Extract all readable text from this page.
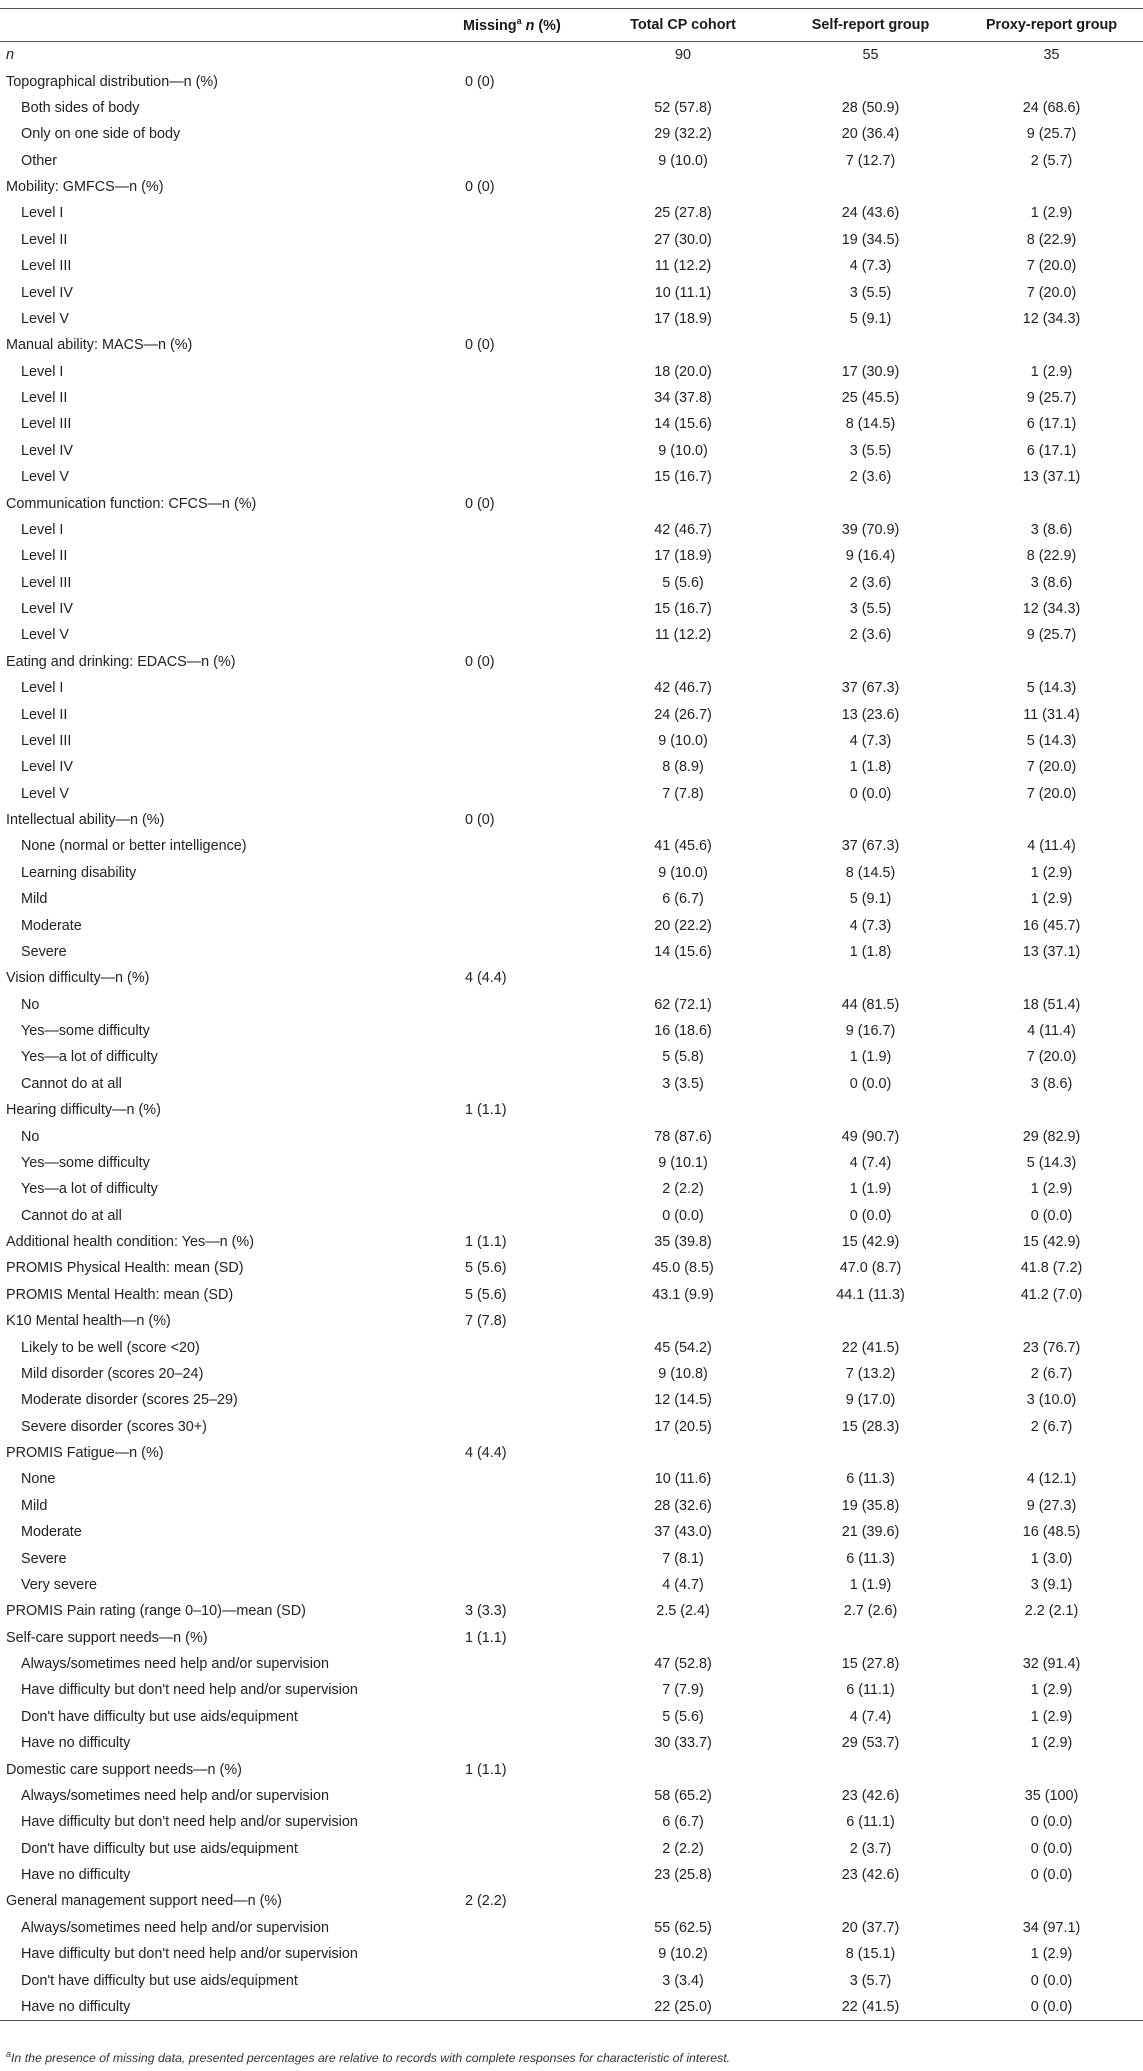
	Missing$^a$ n (%)	Total CP cohort	Self-report group	Proxy-report group
n		90	55	35
Topographical distribution—n (%)	0 (0)			
Both sides of body		52 (57.8)	28 (50.9)	24 (68.6)
Only on one side of body		29 (32.2)	20 (36.4)	9 (25.7)
Other		9 (10.0)	7 (12.7)	2 (5.7)
Mobility: GMFCS—n (%)	0 (0)			
Level I		25 (27.8)	24 (43.6)	1 (2.9)
Level II		27 (30.0)	19 (34.5)	8 (22.9)
Level III		11 (12.2)	4 (7.3)	7 (20.0)
Level IV		10 (11.1)	3 (5.5)	7 (20.0)
Level V		17 (18.9)	5 (9.1)	12 (34.3)
Manual ability: MACS—n (%)	0 (0)			
Level I		18 (20.0)	17 (30.9)	1 (2.9)
Level II		34 (37.8)	25 (45.5)	9 (25.7)
Level III		14 (15.6)	8 (14.5)	6 (17.1)
Level IV		9 (10.0)	3 (5.5)	6 (17.1)
Level V		15 (16.7)	2 (3.6)	13 (37.1)
Communication function: CFCS—n (%)	0 (0)			
Level I		42 (46.7)	39 (70.9)	3 (8.6)
Level II		17 (18.9)	9 (16.4)	8 (22.9)
Level III		5 (5.6)	2 (3.6)	3 (8.6)
Level IV		15 (16.7)	3 (5.5)	12 (34.3)
Level V		11 (12.2)	2 (3.6)	9 (25.7)
Eating and drinking: EDACS—n (%)	0 (0)			
Level I		42 (46.7)	37 (67.3)	5 (14.3)
Level II		24 (26.7)	13 (23.6)	11 (31.4)
Level III		9 (10.0)	4 (7.3)	5 (14.3)
Level IV		8 (8.9)	1 (1.8)	7 (20.0)
Level V		7 (7.8)	0 (0.0)	7 (20.0)
Intellectual ability—n (%)	0 (0)			
None (normal or better intelligence)		41 (45.6)	37 (67.3)	4 (11.4)
Learning disability		9 (10.0)	8 (14.5)	1 (2.9)
Mild		6 (6.7)	5 (9.1)	1 (2.9)
Moderate		20 (22.2)	4 (7.3)	16 (45.7)
Severe		14 (15.6)	1 (1.8)	13 (37.1)
Vision difficulty—n (%)	4 (4.4)			
No		62 (72.1)	44 (81.5)	18 (51.4)
Yes—some difficulty		16 (18.6)	9 (16.7)	4 (11.4)
Yes—a lot of difficulty		5 (5.8)	1 (1.9)	7 (20.0)
Cannot do at all		3 (3.5)	0 (0.0)	3 (8.6)
Hearing difficulty—n (%)	1 (1.1)			
No		78 (87.6)	49 (90.7)	29 (82.9)
Yes—some difficulty		9 (10.1)	4 (7.4)	5 (14.3)
Yes—a lot of difficulty		2 (2.2)	1 (1.9)	1 (2.9)
Cannot do at all		0 (0.0)	0 (0.0)	0 (0.0)
Additional health condition: Yes—n (%)	1 (1.1)	35 (39.8)	15 (42.9)	15 (42.9)
PROMIS Physical Health: mean (SD)	5 (5.6)	45.0 (8.5)	47.0 (8.7)	41.8 (7.2)
PROMIS Mental Health: mean (SD)	5 (5.6)	43.1 (9.9)	44.1 (11.3)	41.2 (7.0)
K10 Mental health—n (%)	7 (7.8)			
Likely to be well (score <20)		45 (54.2)	22 (41.5)	23 (76.7)
Mild disorder (scores 20–24)		9 (10.8)	7 (13.2)	2 (6.7)
Moderate disorder (scores 25–29)		12 (14.5)	9 (17.0)	3 (10.0)
Severe disorder (scores 30+)		17 (20.5)	15 (28.3)	2 (6.7)
PROMIS Fatigue—n (%)	4 (4.4)			
None		10 (11.6)	6 (11.3)	4 (12.1)
Mild		28 (32.6)	19 (35.8)	9 (27.3)
Moderate		37 (43.0)	21 (39.6)	16 (48.5)
Severe		7 (8.1)	6 (11.3)	1 (3.0)
Very severe		4 (4.7)	1 (1.9)	3 (9.1)
PROMIS Pain rating (range 0–10)—mean (SD)	3 (3.3)	2.5 (2.4)	2.7 (2.6)	2.2 (2.1)
Self-care support needs—n (%)	1 (1.1)			
Always/sometimes need help and/or supervision		47 (52.8)	15 (27.8)	32 (91.4)
Have difficulty but don't need help and/or supervision		7 (7.9)	6 (11.1)	1 (2.9)
Don't have difficulty but use aids/equipment		5 (5.6)	4 (7.4)	1 (2.9)
Have no difficulty		30 (33.7)	29 (53.7)	1 (2.9)
Domestic care support needs—n (%)	1 (1.1)			
Always/sometimes need help and/or supervision		58 (65.2)	23 (42.6)	35 (100)
Have difficulty but don't need help and/or supervision		6 (6.7)	6 (11.1)	0 (0.0)
Don't have difficulty but use aids/equipment		2 (2.2)	2 (3.7)	0 (0.0)
Have no difficulty		23 (25.8)	23 (42.6)	0 (0.0)
General management support need—n (%)	2 (2.2)			
Always/sometimes need help and/or supervision		55 (62.5)	20 (37.7)	34 (97.1)
Have difficulty but don't need help and/or supervision		9 (10.2)	8 (15.1)	1 (2.9)
Don't have difficulty but use aids/equipment		3 (3.4)	3 (5.7)	0 (0.0)
Have no difficulty		22 (25.0)	22 (41.5)	0 (0.0)
$^a$In the presence of missing data, presented percentages are relative to records with complete responses for characteristic of interest.
